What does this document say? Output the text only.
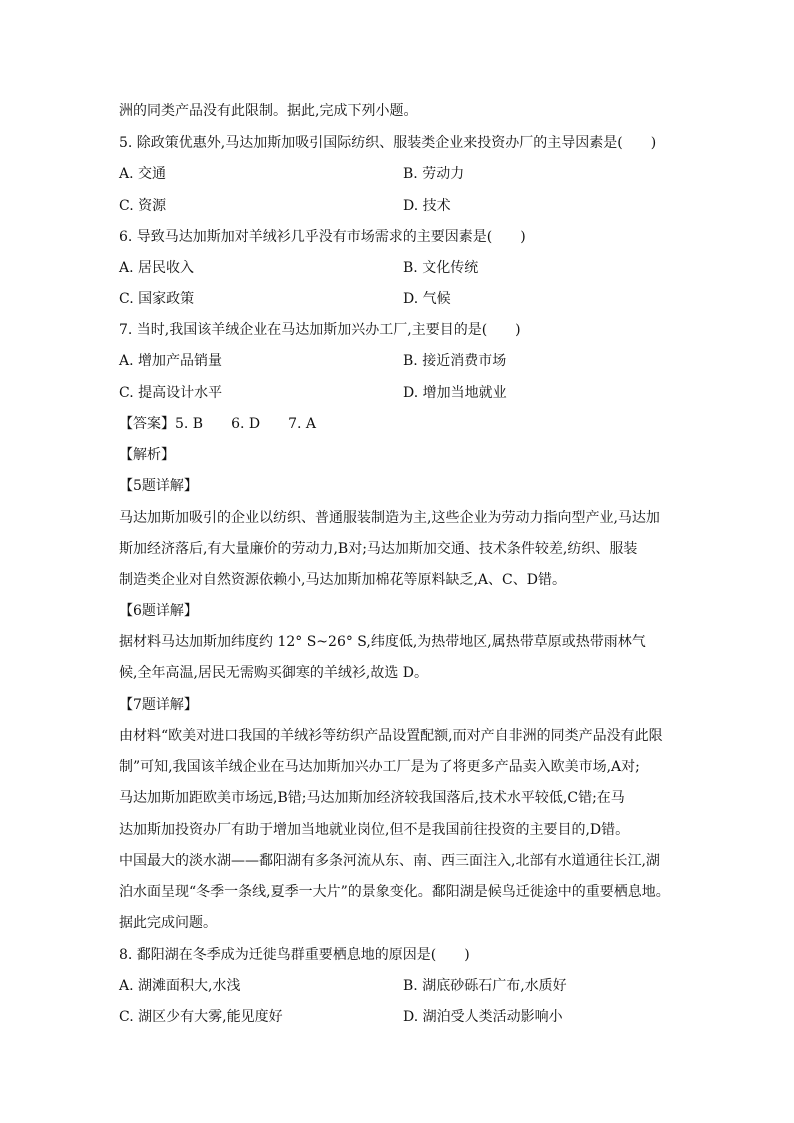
洲的同类产品没有此限制。据此,完成下列小题。
5. 除政策优惠外,马达加斯加吸引国际纺织、服装类企业来投资办厂的主导因素是(　　)
A. 交通	B. 劳动力
C. 资源	D. 技术
6. 导致马达加斯加对羊绒衫几乎没有市场需求的主要因素是(　　)
A. 居民收入	B. 文化传统
C. 国家政策	D. 气候
7. 当时,我国该羊绒企业在马达加斯加兴办工厂,主要目的是(　　)
A. 增加产品销量	B. 接近消费市场
C. 提高设计水平	D. 增加当地就业
【答案】5. B　　6. D　　7. A
【解析】
【5题详解】
马达加斯加吸引的企业以纺织、普通服装制造为主,这些企业为劳动力指向型产业,马达加
斯加经济落后,有大量廉价的劳动力,B对;马达加斯加交通、技术条件较差,纺织、服装
制造类企业对自然资源依赖小,马达加斯加棉花等原料缺乏,A、C、D错。
【6题详解】
据材料马达加斯加纬度约 12° S~26° S,纬度低,为热带地区,属热带草原或热带雨林气
候,全年高温,居民无需购买御寒的羊绒衫,故选 D。
【7题详解】
由材料“欧美对进口我国的羊绒衫等纺织产品设置配额,而对产自非洲的同类产品没有此限
制”可知,我国该羊绒企业在马达加斯加兴办工厂是为了将更多产品卖入欧美市场,A对;
马达加斯加距欧美市场远,B错;马达加斯加经济较我国落后,技术水平较低,C错;在马
达加斯加投资办厂有助于增加当地就业岗位,但不是我国前往投资的主要目的,D错。
中国最大的淡水湖——鄱阳湖有多条河流从东、南、西三面注入,北部有水道通往长江,湖
泊水面呈现“冬季一条线,夏季一大片”的景象变化。鄱阳湖是候鸟迁徙途中的重要栖息地。
据此完成问题。
8. 鄱阳湖在冬季成为迁徙鸟群重要栖息地的原因是(　　)
A. 湖滩面积大,水浅	B. 湖底砂砾石广布,水质好
C. 湖区少有大雾,能见度好	D. 湖泊受人类活动影响小
